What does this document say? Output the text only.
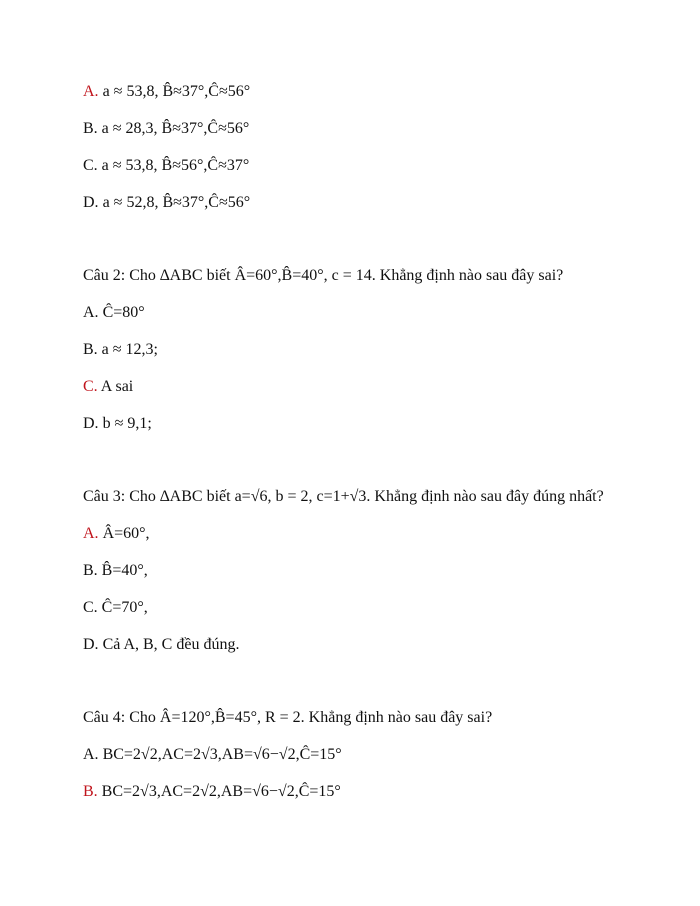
A. a ≈ 53,8, B̂≈37°,Ĉ≈56°
B. a ≈ 28,3, B̂≈37°,Ĉ≈56°
C. a ≈ 53,8, B̂≈56°,Ĉ≈37°
D. a ≈ 52,8, B̂≈37°,Ĉ≈56°
Câu 2: Cho ∆ABC biết Â=60°,B̂=40°, c = 14. Khẳng định nào sau đây sai?
A. Ĉ=80°
B. a ≈ 12,3;
C. A sai
D. b ≈ 9,1;
Câu 3: Cho ∆ABC biết a=√6, b = 2, c=1+√3. Khẳng định nào sau đây đúng nhất?
A. Â=60°,
B. B̂=40°,
C. Ĉ=70°,
D. Cả A, B, C đều đúng.
Câu 4: Cho Â=120°,B̂=45°, R = 2. Khẳng định nào sau đây sai?
A. BC=2√2,AC=2√3,AB=√6−√2,Ĉ=15°
B. BC=2√3,AC=2√2,AB=√6−√2,Ĉ=15°
